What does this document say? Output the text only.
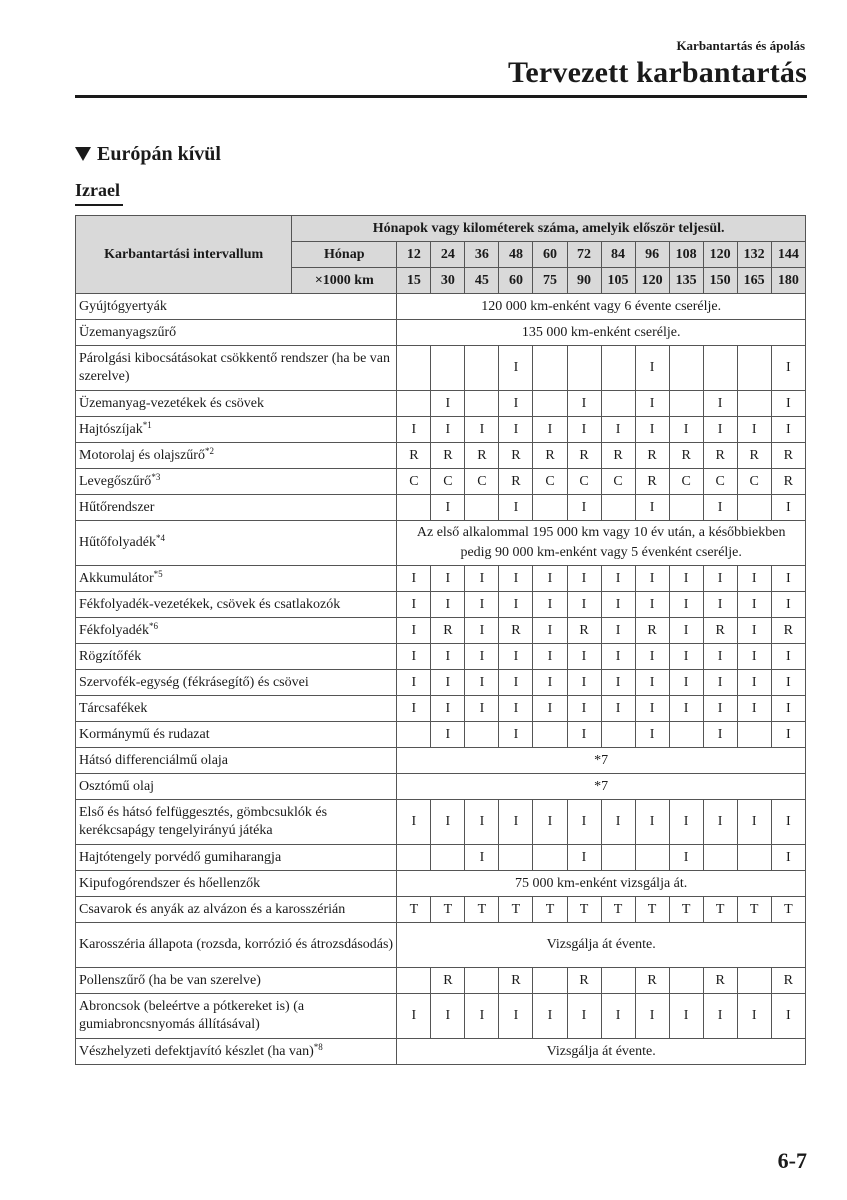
Karbantartás és ápolás
Tervezett karbantartás
Európán kívül
Izrael
Karbantartási intervallum	Hónapok vagy kilométerek száma, amelyik először teljesül.												
	Hónap	12	24	36	48	60	72	84	96	108	120	132	144
	×1000 km	15	30	45	60	75	90	105	120	135	150	165	180
Gyújtógyertyák		120 000 km-enként vagy 6 évente cserélje.											
Üzemanyagszűrő		135 000 km-enként cserélje.											
Párolgási kibocsátásokat csökkentő rendszer (ha be van szerelve)					I				I				I
Üzemanyag-vezetékek és csövek			I		I		I		I		I		I
Hajtószíjak$^{*1}$		I	I	I	I	I	I	I	I	I	I	I	I
Motorolaj és olajszűrő$^{*2}$		R	R	R	R	R	R	R	R	R	R	R	R
Levegőszűrő$^{*3}$		C	C	C	R	C	C	C	R	C	C	C	R
Hűtőrendszer			I		I		I		I		I		I
Hűtőfolyadék$^{*4}$		Az első alkalommal 195 000 km vagy 10 év után, a későbbiekben pedig 90 000 km-enként vagy 5 évenként cserélje.											
Akkumulátor$^{*5}$		I	I	I	I	I	I	I	I	I	I	I	I
Fékfolyadék-vezetékek, csövek és csatlakozók		I	I	I	I	I	I	I	I	I	I	I	I
Fékfolyadék$^{*6}$		I	R	I	R	I	R	I	R	I	R	I	R
Rögzítőfék		I	I	I	I	I	I	I	I	I	I	I	I
Szervofék-egység (fékrásegítő) és csövei		I	I	I	I	I	I	I	I	I	I	I	I
Tárcsafékek		I	I	I	I	I	I	I	I	I	I	I	I
Kormánymű és rudazat			I		I		I		I		I		I
Hátsó differenciálmű olaja		*7											
Osztómű olaj		*7											
Első és hátsó felfüggesztés, gömbcsuklók és kerékcsapágy tengelyirányú játéka		I	I	I	I	I	I	I	I	I	I	I	I
Hajtótengely porvédő gumiharangja				I			I			I			I
Kipufogórendszer és hőellenzők		75 000 km-enként vizsgálja át.											
Csavarok és anyák az alvázon és a karosszérián		T	T	T	T	T	T	T	T	T	T	T	T
Karosszéria állapota (rozsda, korrózió és átrozsdásodás)		Vizsgálja át évente.											
Pollenszűrő (ha be van szerelve)			R		R		R		R		R		R
Abroncsok (beleértve a pótkereket is) (a gumiabroncsnyomás állításával)		I	I	I	I	I	I	I	I	I	I	I	I
Vészhelyzeti defektjavító készlet (ha van)$^{*8}$		Vizsgálja át évente.											
6-7
